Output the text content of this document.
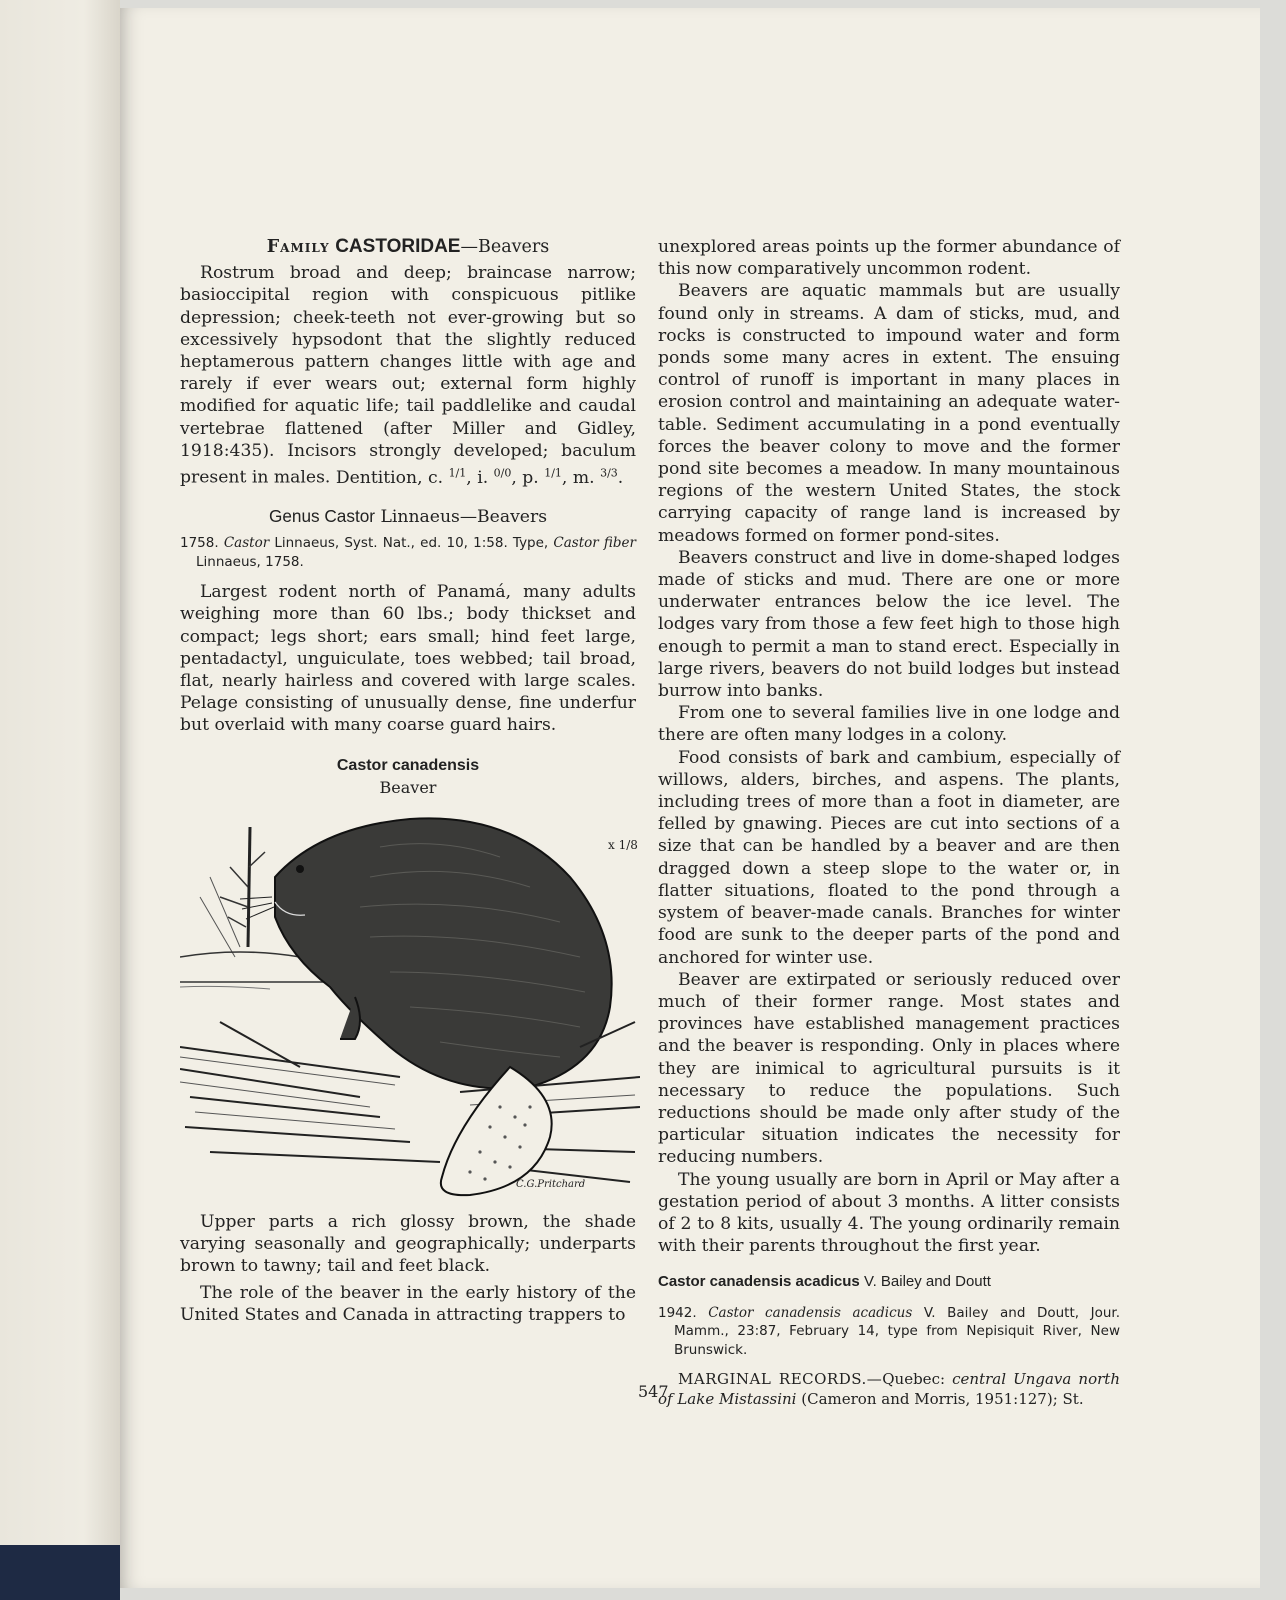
Family CASTORIDAE—Beavers

Rostrum broad and deep; braincase narrow; basioccipital region with conspicuous pitlike depression; cheek-teeth not ever-growing but so excessively hypsodont that the slightly reduced heptamerous pattern changes little with age and rarely if ever wears out; external form highly modified for aquatic life; tail paddlelike and caudal vertebrae flattened (after Miller and Gidley, 1918:435). Incisors strongly developed; baculum present in males. Dentition, c. $^{1/1}$, i. $^{0/0}$, p. $^{1/1}$, m. $^{3/3}$.

Genus Castor Linnaeus—Beavers

1758. Castor Linnaeus, Syst. Nat., ed. 10, 1:58. Type, Castor fiber Linnaeus, 1758.

Largest rodent north of Panamá, many adults weighing more than 60 lbs.; body thickset and compact; legs short; ears small; hind feet large, pentadactyl, unguiculate, toes webbed; tail broad, flat, nearly hairless and covered with large scales. Pelage consisting of unusually dense, fine underfur but overlaid with many coarse guard hairs.

Castor canadensis
Beaver
x 1/8
C.G.Pritchard

Upper parts a rich glossy brown, the shade varying seasonally and geographically; underparts brown to tawny; tail and feet black.

The role of the beaver in the early history of the United States and Canada in attracting trappers to

unexplored areas points up the former abundance of this now comparatively uncommon rodent.

Beavers are aquatic mammals but are usually found only in streams. A dam of sticks, mud, and rocks is constructed to impound water and form ponds some many acres in extent. The ensuing control of runoff is important in many places in erosion control and maintaining an adequate water-table. Sediment accumulating in a pond eventually forces the beaver colony to move and the former pond site becomes a meadow. In many mountainous regions of the western United States, the stock carrying capacity of range land is increased by meadows formed on former pond-sites.

Beavers construct and live in dome-shaped lodges made of sticks and mud. There are one or more underwater entrances below the ice level. The lodges vary from those a few feet high to those high enough to permit a man to stand erect. Especially in large rivers, beavers do not build lodges but instead burrow into banks.

From one to several families live in one lodge and there are often many lodges in a colony.

Food consists of bark and cambium, especially of willows, alders, birches, and aspens. The plants, including trees of more than a foot in diameter, are felled by gnawing. Pieces are cut into sections of a size that can be handled by a beaver and are then dragged down a steep slope to the water or, in flatter situations, floated to the pond through a system of beaver-made canals. Branches for winter food are sunk to the deeper parts of the pond and anchored for winter use.

Beaver are extirpated or seriously reduced over much of their former range. Most states and provinces have established management practices and the beaver is responding. Only in places where they are inimical to agricultural pursuits is it necessary to reduce the populations. Such reductions should be made only after study of the particular situation indicates the necessity for reducing numbers.

The young usually are born in April or May after a gestation period of about 3 months. A litter consists of 2 to 8 kits, usually 4. The young ordinarily remain with their parents throughout the first year.

Castor canadensis acadicus V. Bailey and Doutt

1942. Castor canadensis acadicus V. Bailey and Doutt, Jour. Mamm., 23:87, February 14, type from Nepisiquit River, New Brunswick.

MARGINAL RECORDS.—Quebec: central Ungava north of Lake Mistassini (Cameron and Morris, 1951:127); St.

547
